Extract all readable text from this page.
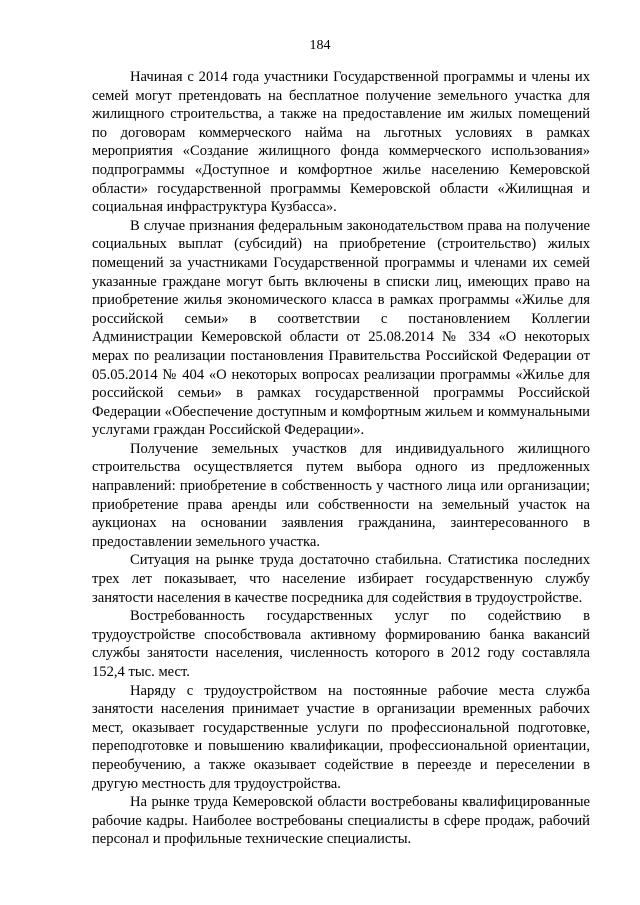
184

Начиная с 2014 года участники Государственной программы и члены их семей могут претендовать на бесплатное получение земельного участка для жилищного строительства, а также на предоставление им жилых помещений по договорам коммерческого найма на льготных условиях в рамках мероприятия «Создание жилищного фонда коммерческого использования» подпрограммы «Доступное и комфортное жилье населению Кемеровской области» государственной программы Кемеровской области «Жилищная и социальная инфраструктура Кузбасса».

В случае признания федеральным законодательством права на получение социальных выплат (субсидий) на приобретение (строительство) жилых помещений за участниками Государственной программы и членами их семей указанные граждане могут быть включены в списки лиц, имеющих право на приобретение жилья экономического класса в рамках программы «Жилье для российской семьи» в соответствии с постановлением Коллегии Администрации Кемеровской области от 25.08.2014 № 334 «О некоторых мерах по реализации постановления Правительства Российской Федерации от 05.05.2014 № 404 «О некоторых вопросах реализации программы «Жилье для российской семьи» в рамках государственной программы Российской Федерации «Обеспечение доступным и комфортным жильем и коммунальными услугами граждан Российской Федерации».

Получение земельных участков для индивидуального жилищного строительства осуществляется путем выбора одного из предложенных направлений: приобретение в собственность у частного лица или организации; приобретение права аренды или собственности на земельный участок на аукционах на основании заявления гражданина, заинтересованного в предоставлении земельного участка.

Ситуация на рынке труда достаточно стабильна. Статистика последних трех лет показывает, что население избирает государственную службу занятости населения в качестве посредника для содействия в трудоустройстве.

Востребованность государственных услуг по содействию в трудоустройстве способствовала активному формированию банка вакансий службы занятости населения, численность которого в 2012 году составляла 152,4 тыс. мест.

Наряду с трудоустройством на постоянные рабочие места служба занятости населения принимает участие в организации временных рабочих мест, оказывает государственные услуги по профессиональной подготовке, переподготовке и повышению квалификации, профессиональной ориентации, переобучению, а также оказывает содействие в переезде и переселении в другую местность для трудоустройства.

На рынке труда Кемеровской области востребованы квалифицированные рабочие кадры. Наиболее востребованы специалисты в сфере продаж, рабочий персонал и профильные технические специалисты.
